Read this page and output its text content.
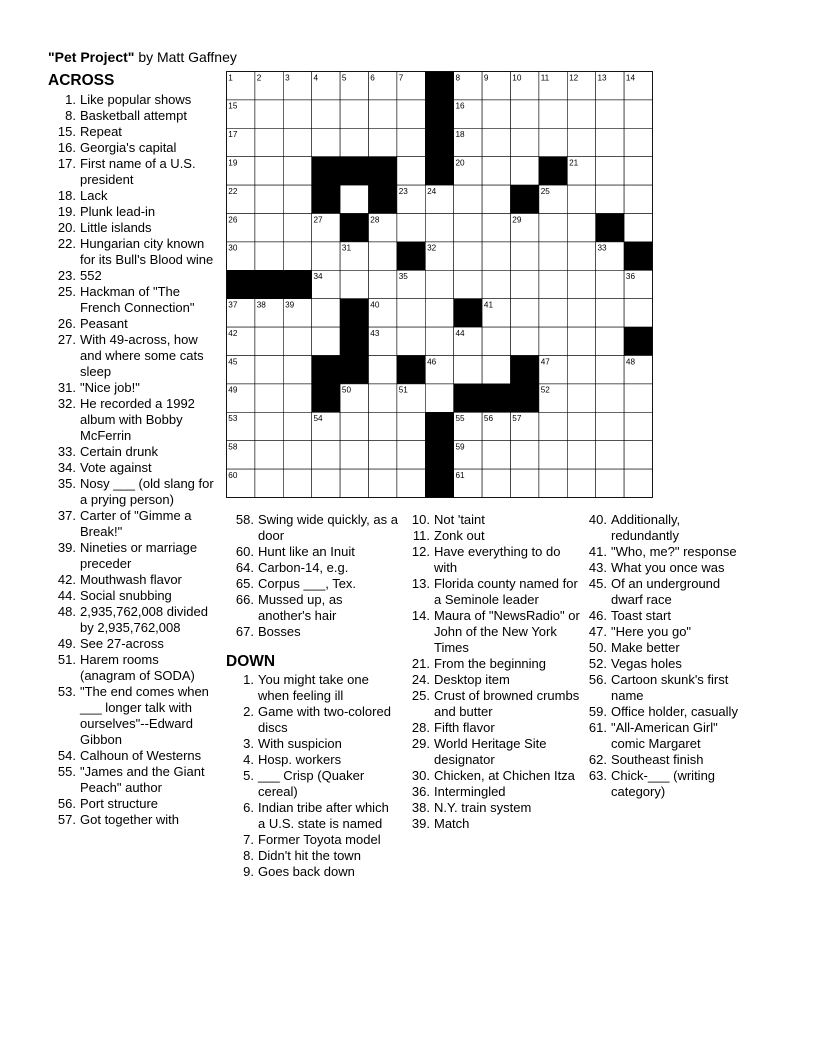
"Pet Project" by Matt Gaffney
ACROSS
1. Like popular shows
8. Basketball attempt
15. Repeat
16. Georgia's capital
17. First name of a U.S. president
18. Lack
19. Plunk lead-in
20. Little islands
22. Hungarian city known for its Bull's Blood wine
23. 552
25. Hackman of "The French Connection"
26. Peasant
27. With 49-across, how and where some cats sleep
31. "Nice job!"
32. He recorded a 1992 album with Bobby McFerrin
33. Certain drunk
34. Vote against
35. Nosy ___ (old slang for a prying person)
37. Carter of "Gimme a Break!"
39. Nineties or marriage preceder
42. Mouthwash flavor
44. Social snubbing
48. 2,935,762,008 divided by 2,935,762,008
49. See 27-across
51. Harem rooms (anagram of SODA)
53. "The end comes when ___ longer talk with ourselves"--Edward Gibbon
54. Calhoun of Westerns
55. "James and the Giant Peach" author
56. Port structure
57. Got together with
58. Swing wide quickly, as a door
60. Hunt like an Inuit
64. Carbon-14, e.g.
65. Corpus ___, Tex.
66. Mussed up, as another's hair
67. Bosses
DOWN
1. You might take one when feeling ill
2. Game with two-colored discs
3. With suspicion
4. Hosp. workers
5. ___ Crisp (Quaker cereal)
6. Indian tribe after which a U.S. state is named
7. Former Toyota model
8. Didn't hit the town
9. Goes back down
10. Not 'taint
11. Zonk out
12. Have everything to do with
13. Florida county named for a Seminole leader
14. Maura of "NewsRadio" or John of the New York Times
21. From the beginning
24. Desktop item
25. Crust of browned crumbs and butter
28. Fifth flavor
29. World Heritage Site designator
30. Chicken, at Chichen Itza
36. Intermingled
38. N.Y. train system
39. Match
40. Additionally, redundantly
41. "Who, me?" response
43. What you once was
45. Of an underground dwarf race
46. Toast start
47. "Here you go"
50. Make better
52. Vegas holes
56. Cartoon skunk's first name
59. Office holder, casually
61. "All-American Girl" comic Margaret
62. Southeast finish
63. Chick-___ (writing category)
1	2	3	4	5	6	7	8	9	10 11 12 13 14
15	16
17	18
19	20	21
22	23 24	25
26	27	28	29
30	31	32	33
34	35	36
37 38 39	40	41
42	43	44
45	46	47	48
49	50	51	52
53	54	55 56 57
58	59
60	61
